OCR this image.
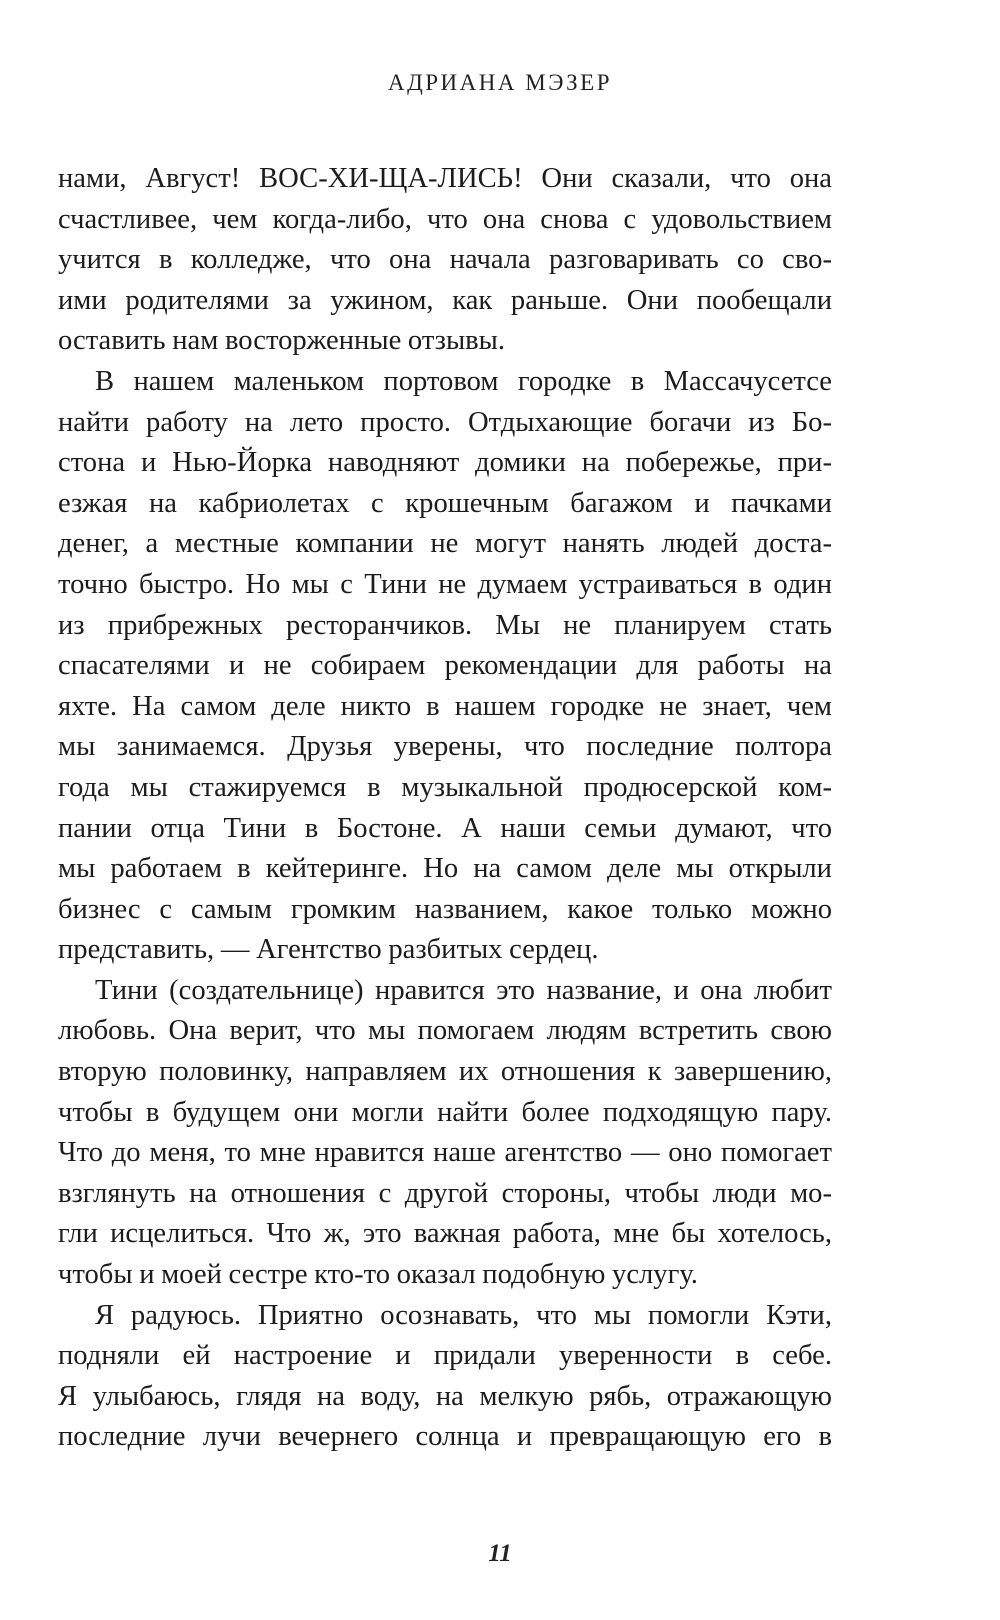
АДРИАНА МЭЗЕР
нами, Август! ВОС-ХИ-ЩА-ЛИСЬ! Они сказали, что она
счастливее, чем когда-либо, что она снова с удовольствием
учится в колледже, что она начала разговаривать со сво-
ими родителями за ужином, как раньше. Они пообещали
оставить нам восторженные отзывы.
В нашем маленьком портовом городке в Массачусетсе
найти работу на лето просто. Отдыхающие богачи из Бо-
стона и Нью-Йорка наводняют домики на побережье, при-
езжая на кабриолетах с крошечным багажом и пачками
денег, а местные компании не могут нанять людей доста-
точно быстро. Но мы с Тини не думаем устраиваться в один
из прибрежных ресторанчиков. Мы не планируем стать
спасателями и не собираем рекомендации для работы на
яхте. На самом деле никто в нашем городке не знает, чем
мы занимаемся. Друзья уверены, что последние полтора
года мы стажируемся в музыкальной продюсерской ком-
пании отца Тини в Бостоне. А наши семьи думают, что
мы работаем в кейтеринге. Но на самом деле мы открыли
бизнес с самым громким названием, какое только можно
представить, — Агентство разбитых сердец.
Тини (создательнице) нравится это название, и она любит
любовь. Она верит, что мы помогаем людям встретить свою
вторую половинку, направляем их отношения к завершению,
чтобы в будущем они могли найти более подходящую пару.
Что до меня, то мне нравится наше агентство — оно помогает
взглянуть на отношения с другой стороны, чтобы люди мо-
гли исцелиться. Что ж, это важная работа, мне бы хотелось,
чтобы и моей сестре кто-то оказал подобную услугу.
Я радуюсь. Приятно осознавать, что мы помогли Кэти,
подняли ей настроение и придали уверенности в себе.
Я улыбаюсь, глядя на воду, на мелкую рябь, отражающую
последние лучи вечернего солнца и превращающую его в
11
